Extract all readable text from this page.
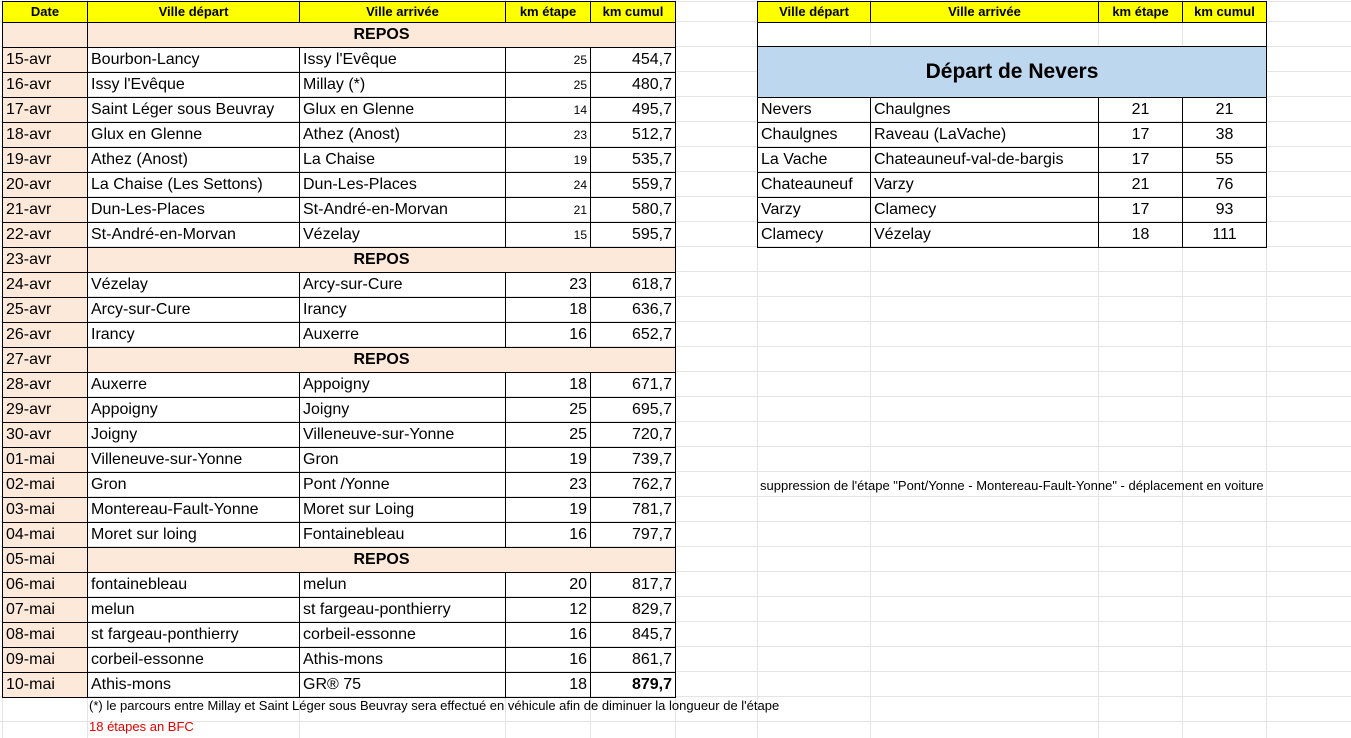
Date	Ville départ	Ville arrivée	km étape	km cumul
	REPOS			
15-avr	Bourbon-Lancy	Issy l'Evêque	25	454,7
16-avr	Issy l'Evêque	Millay (*)	25	480,7
17-avr	Saint Léger sous Beuvray	Glux en Glenne	14	495,7
18-avr	Glux en Glenne	Athez (Anost)	23	512,7
19-avr	Athez (Anost)	La Chaise	19	535,7
20-avr	La Chaise (Les Settons)	Dun-Les-Places	24	559,7
21-avr	Dun-Les-Places	St-André-en-Morvan	21	580,7
22-avr	St-André-en-Morvan	Vézelay	15	595,7
23-avr	REPOS			
24-avr	Vézelay	Arcy-sur-Cure	23	618,7
25-avr	Arcy-sur-Cure	Irancy	18	636,7
26-avr	Irancy	Auxerre	16	652,7
27-avr	REPOS			
28-avr	Auxerre	Appoigny	18	671,7
29-avr	Appoigny	Joigny	25	695,7
30-avr	Joigny	Villeneuve-sur-Yonne	25	720,7
01-mai	Villeneuve-sur-Yonne	Gron	19	739,7
02-mai	Gron	Pont /Yonne	23	762,7
03-mai	Montereau-Fault-Yonne	Moret sur Loing	19	781,7
04-mai	Moret sur loing	Fontainebleau	16	797,7
05-mai	REPOS			
06-mai	fontainebleau	melun	20	817,7
07-mai	melun	st fargeau-ponthierry	12	829,7
08-mai	st fargeau-ponthierry	corbeil-essonne	16	845,7
09-mai	corbeil-essonne	Athis-mons	16	861,7
10-mai	Athis-mons	GR® 75	18	879,7
Ville départ	Ville arrivée	km étape	km cumul

Départ de Nevers			
Nevers	Chaulgnes	21	21
Chaulgnes	Raveau (LaVache)	17	38
La Vache	Chateauneuf-val-de-bargis	17	55
Chateauneuf	Varzy	21	76
Varzy	Clamecy	17	93
Clamecy	Vézelay	18	111
suppression de l'étape "Pont/Yonne - Montereau-Fault-Yonne" - déplacement en voiture
(*) le parcours entre Millay et Saint Léger sous Beuvray sera effectué en véhicule afin de diminuer la longueur de l'étape
18 étapes an BFC
